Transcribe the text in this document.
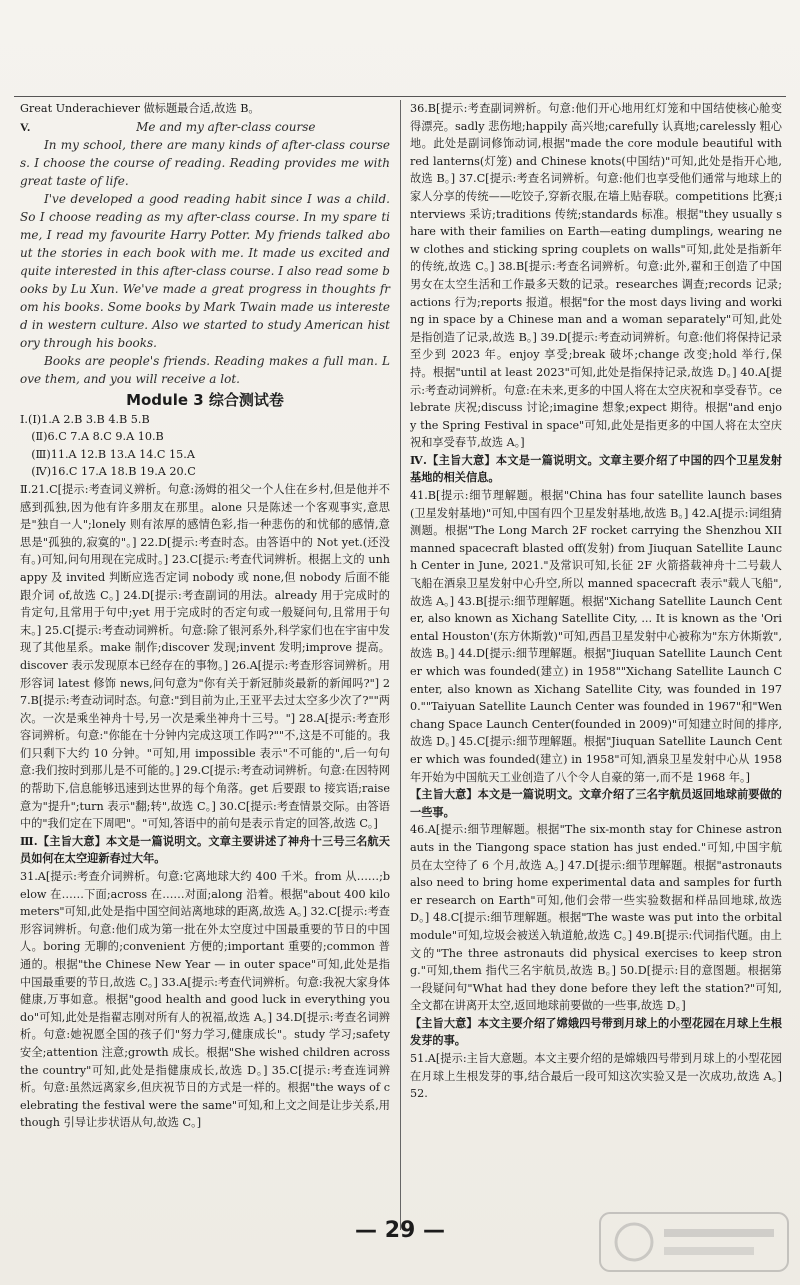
Great Underachiever 做标题最合适,故选 B。

V.	Me and my after-class course

In my school, there are many kinds of after-class courses. I choose the course of reading. Reading provides me with great taste of life.

I've developed a good reading habit since I was a child. So I choose reading as my after-class course. In my spare time, I read my favourite Harry Potter. My friends talked about the stories in each book with me. It made us excited and quite interested in this after-class course. I also read some books by Lu Xun. We've made a great progress in thoughts from his books. Some books by Mark Twain made us interested in western culture. Also we started to study American history through his books.

Books are people's friends. Reading makes a full man. Love them, and you will receive a lot.

Module 3 综合测试卷

I.(Ⅰ)1.A 2.B 3.B 4.B 5.B

(Ⅱ)6.C 7.A 8.C 9.A 10.B

(Ⅲ)11.A 12.B 13.A 14.C 15.A

(Ⅳ)16.C 17.A 18.B 19.A 20.C

Ⅱ.21.C[提示:考查词义辨析。句意:汤姆的祖父一个人住在乡村,但是他并不感到孤独,因为他有许多朋友在那里。alone 只是陈述一个客观事实,意思是"独自一人";lonely 则有浓厚的感情色彩,指一种悲伤的和忧郁的感情,意思是"孤独的,寂寞的"。] 22.D[提示:考查时态。由答语中的 Not yet.(还没有。)可知,问句用现在完成时。] 23.C[提示:考查代词辨析。根据上文的 unhappy 及 invited 判断应选否定词 nobody 或 none,但 nobody 后面不能跟介词 of,故选 C。] 24.D[提示:考查副词的用法。already 用于完成时的肯定句,且常用于句中;yet 用于完成时的否定句或一般疑问句,且常用于句末。] 25.C[提示:考查动词辨析。句意:除了银河系外,科学家们也在宇宙中发现了其他星系。make 制作;discover 发现;invent 发明;improve 提高。discover 表示发现原本已经存在的事物。] 26.A[提示:考查形容词辨析。用形容词 latest 修饰 news,问句意为"你有关于新冠肺炎最新的新闻吗?"] 27.B[提示:考查动词时态。句意:"到目前为止,王亚平去过太空多少次了?""两次。一次是乘坐神舟十号,另一次是乘坐神舟十三号。"] 28.A[提示:考查形容词辨析。句意:"你能在十分钟内完成这项工作吗?""不,这是不可能的。我们只剩下大约 10 分钟。"可知,用 impossible 表示"不可能的",后一句句意:我们按时到那儿是不可能的。] 29.C[提示:考查动词辨析。句意:在因特网的帮助下,信息能够迅速到达世界的每个角落。get 后要跟 to 接宾语;raise 意为"提升";turn 表示"翻;转",故选 C。] 30.C[提示:考查情景交际。由答语中的"我们定在下周吧"。"可知,答语中的前句是表示肯定的回答,故选 C。]

Ⅲ.【主旨大意】本文是一篇说明文。文章主要讲述了神舟十三号三名航天员如何在太空迎新春过大年。

31.A[提示:考查介词辨析。句意:它离地球大约 400 千米。from 从……;below 在……下面;across 在……对面;along 沿着。根据"about 400 kilometers"可知,此处是指中国空间站离地球的距离,故选 A。] 32.C[提示:考查形容词辨析。句意:他们成为第一批在外太空度过中国最重要的节日的中国人。boring 无聊的;convenient 方便的;important 重要的;common 普通的。根据"the Chinese New Year — in outer space"可知,此处是指中国最重要的节日,故选 C。] 33.A[提示:考查代词辨析。句意:我祝大家身体健康,万事如意。根据"good health and good luck in everything you do"可知,此处是指翟志刚对所有人的祝福,故选 A。] 34.D[提示:考查名词辨析。句意:她祝愿全国的孩子们"努力学习,健康成长"。study 学习;safety 安全;attention 注意;growth 成长。根据"She wished children across the country"可知,此处是指健康成长,故选 D。] 35.C[提示:考查连词辨析。句意:虽然远离家乡,但庆祝节日的方式是一样的。根据"the ways of celebrating the festival were the same"可知,和上文之间是让步关系,用 though 引导让步状语从句,故选 C。]

36.B[提示:考查副词辨析。句意:他们开心地用红灯笼和中国结使核心舱变得漂亮。sadly 悲伤地;happily 高兴地;carefully 认真地;carelessly 粗心地。此处是副词修饰动词,根据"made the core module beautiful with red lanterns(灯笼) and Chinese knots(中国结)"可知,此处是指开心地,故选 B。] 37.C[提示:考查名词辨析。句意:他们也享受他们通常与地球上的家人分享的传统——吃饺子,穿新衣服,在墙上贴春联。competitions 比赛;interviews 采访;traditions 传统;standards 标准。根据"they usually share with their families on Earth—eating dumplings, wearing new clothes and sticking spring couplets on walls"可知,此处是指新年的传统,故选 C。] 38.B[提示:考查名词辨析。句意:此外,翟和王创造了中国男女在太空生活和工作最多天数的记录。researches 调查;records 记录;actions 行为;reports 报道。根据"for the most days living and working in space by a Chinese man and a woman separately"可知,此处是指创造了记录,故选 B。] 39.D[提示:考查动词辨析。句意:他们将保持记录至少到 2023 年。enjoy 享受;break 破坏;change 改变;hold 举行,保持。根据"until at least 2023"可知,此处是指保持记录,故选 D。] 40.A[提示:考查动词辨析。句意:在未来,更多的中国人将在太空庆祝和享受春节。celebrate 庆祝;discuss 讨论;imagine 想象;expect 期待。根据"and enjoy the Spring Festival in space"可知,此处是指更多的中国人将在太空庆祝和享受春节,故选 A。]

Ⅳ.【主旨大意】本文是一篇说明文。文章主要介绍了中国的四个卫星发射基地的相关信息。

41.B[提示:细节理解题。根据"China has four satellite launch bases(卫星发射基地)"可知,中国有四个卫星发射基地,故选 B。] 42.A[提示:词组猜测题。根据"The Long March 2F rocket carrying the Shenzhou XII manned spacecraft blasted off(发射) from Jiuquan Satellite Launch Center in June, 2021."及常识可知,长征 2F 火箭搭载神舟十二号载人飞船在酒泉卫星发射中心升空,所以 manned spacecraft 表示"载人飞船",故选 A。] 43.B[提示:细节理解题。根据"Xichang Satellite Launch Center, also known as Xichang Satellite City, ... It is known as the 'Oriental Houston'(东方休斯敦)"可知,西昌卫星发射中心被称为"东方休斯敦",故选 B。] 44.D[提示:细节理解题。根据"Jiuquan Satellite Launch Center which was founded(建立) in 1958""Xichang Satellite Launch Center, also known as Xichang Satellite City, was founded in 1970.""Taiyuan Satellite Launch Center was founded in 1967"和"Wenchang Space Launch Center(founded in 2009)"可知建立时间的排序,故选 D。] 45.C[提示:细节理解题。根据"Jiuquan Satellite Launch Center which was founded(建立) in 1958"可知,酒泉卫星发射中心从 1958 年开始为中国航天工业创造了八个令人自豪的第一,而不是 1968 年。]

【主旨大意】本文是一篇说明文。文章介绍了三名宇航员返回地球前要做的一些事。

46.A[提示:细节理解题。根据"The six-month stay for Chinese astronauts in the Tiangong space station has just ended."可知,中国宇航员在太空待了 6 个月,故选 A。] 47.D[提示:细节理解题。根据"astronauts also need to bring home experimental data and samples for further research on Earth"可知,他们会带一些实验数据和样品回地球,故选 D。] 48.C[提示:细节理解题。根据"The waste was put into the orbital module"可知,垃圾会被送入轨道舱,故选 C。] 49.B[提示:代词指代题。由上文的"The three astronauts did physical exercises to keep strong."可知,them 指代三名宇航员,故选 B。] 50.D[提示:目的意图题。根据第一段疑问句"What had they done before they left the station?"可知,全文都在讲离开太空,返回地球前要做的一些事,故选 D。]

【主旨大意】本文主要介绍了嫦娥四号带到月球上的小型花园在月球上生根发芽的事。

51.A[提示:主旨大意题。本文主要介绍的是嫦娥四号带到月球上的小型花园在月球上生根发芽的事,结合最后一段可知这次实验又是一次成功,故选 A。] 52.

— 29 —
